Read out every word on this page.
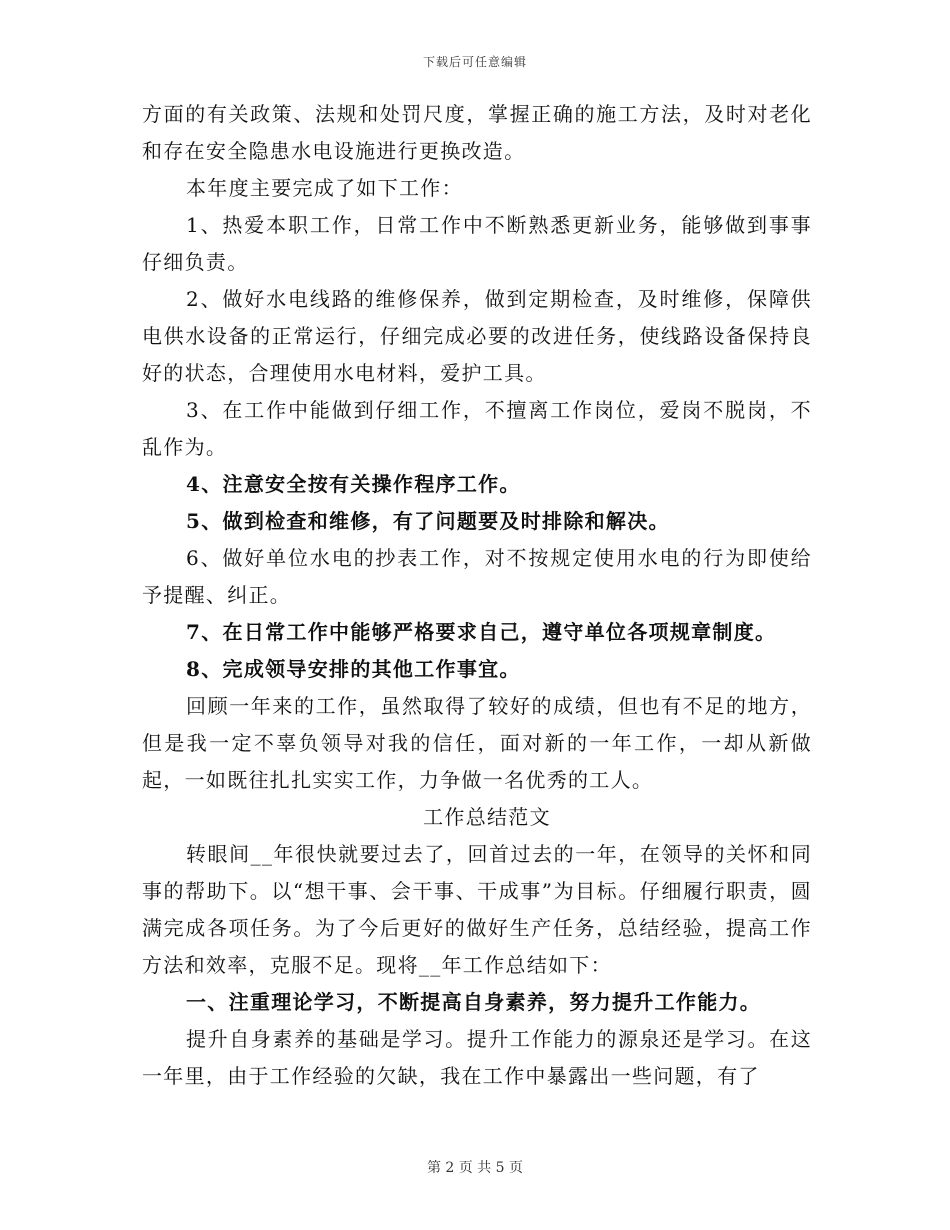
下载后可任意编辑

方面的有关政策、法规和处罚尺度，掌握正确的施工方法，及时对老化和存在安全隐患水电设施进行更换改造。

本年度主要完成了如下工作：

1、热爱本职工作，日常工作中不断熟悉更新业务，能够做到事事仔细负责。

2、做好水电线路的维修保养，做到定期检查，及时维修，保障供电供水设备的正常运行，仔细完成必要的改进任务，使线路设备保持良好的状态，合理使用水电材料，爱护工具。

3、在工作中能做到仔细工作，不擅离工作岗位，爱岗不脱岗，不乱作为。

4、注意安全按有关操作程序工作。

5、做到检查和维修，有了问题要及时排除和解决。

6、做好单位水电的抄表工作，对不按规定使用水电的行为即使给予提醒、纠正。

7、在日常工作中能够严格要求自己，遵守单位各项规章制度。

8、完成领导安排的其他工作事宜。

回顾一年来的工作，虽然取得了较好的成绩，但也有不足的地方，但是我一定不辜负领导对我的信任，面对新的一年工作，一却从新做起，一如既往扎扎实实工作，力争做一名优秀的工人。

工作总结范文

转眼间__年很快就要过去了，回首过去的一年，在领导的关怀和同事的帮助下。以“想干事、会干事、干成事”为目标。仔细履行职责，圆满完成各项任务。为了今后更好的做好生产任务，总结经验，提高工作方法和效率，克服不足。现将__年工作总结如下：

一、注重理论学习，不断提高自身素养，努力提升工作能力。

提升自身素养的基础是学习。提升工作能力的源泉还是学习。在这一年里，由于工作经验的欠缺，我在工作中暴露出一些问题，有了

第 2 页 共 5 页
